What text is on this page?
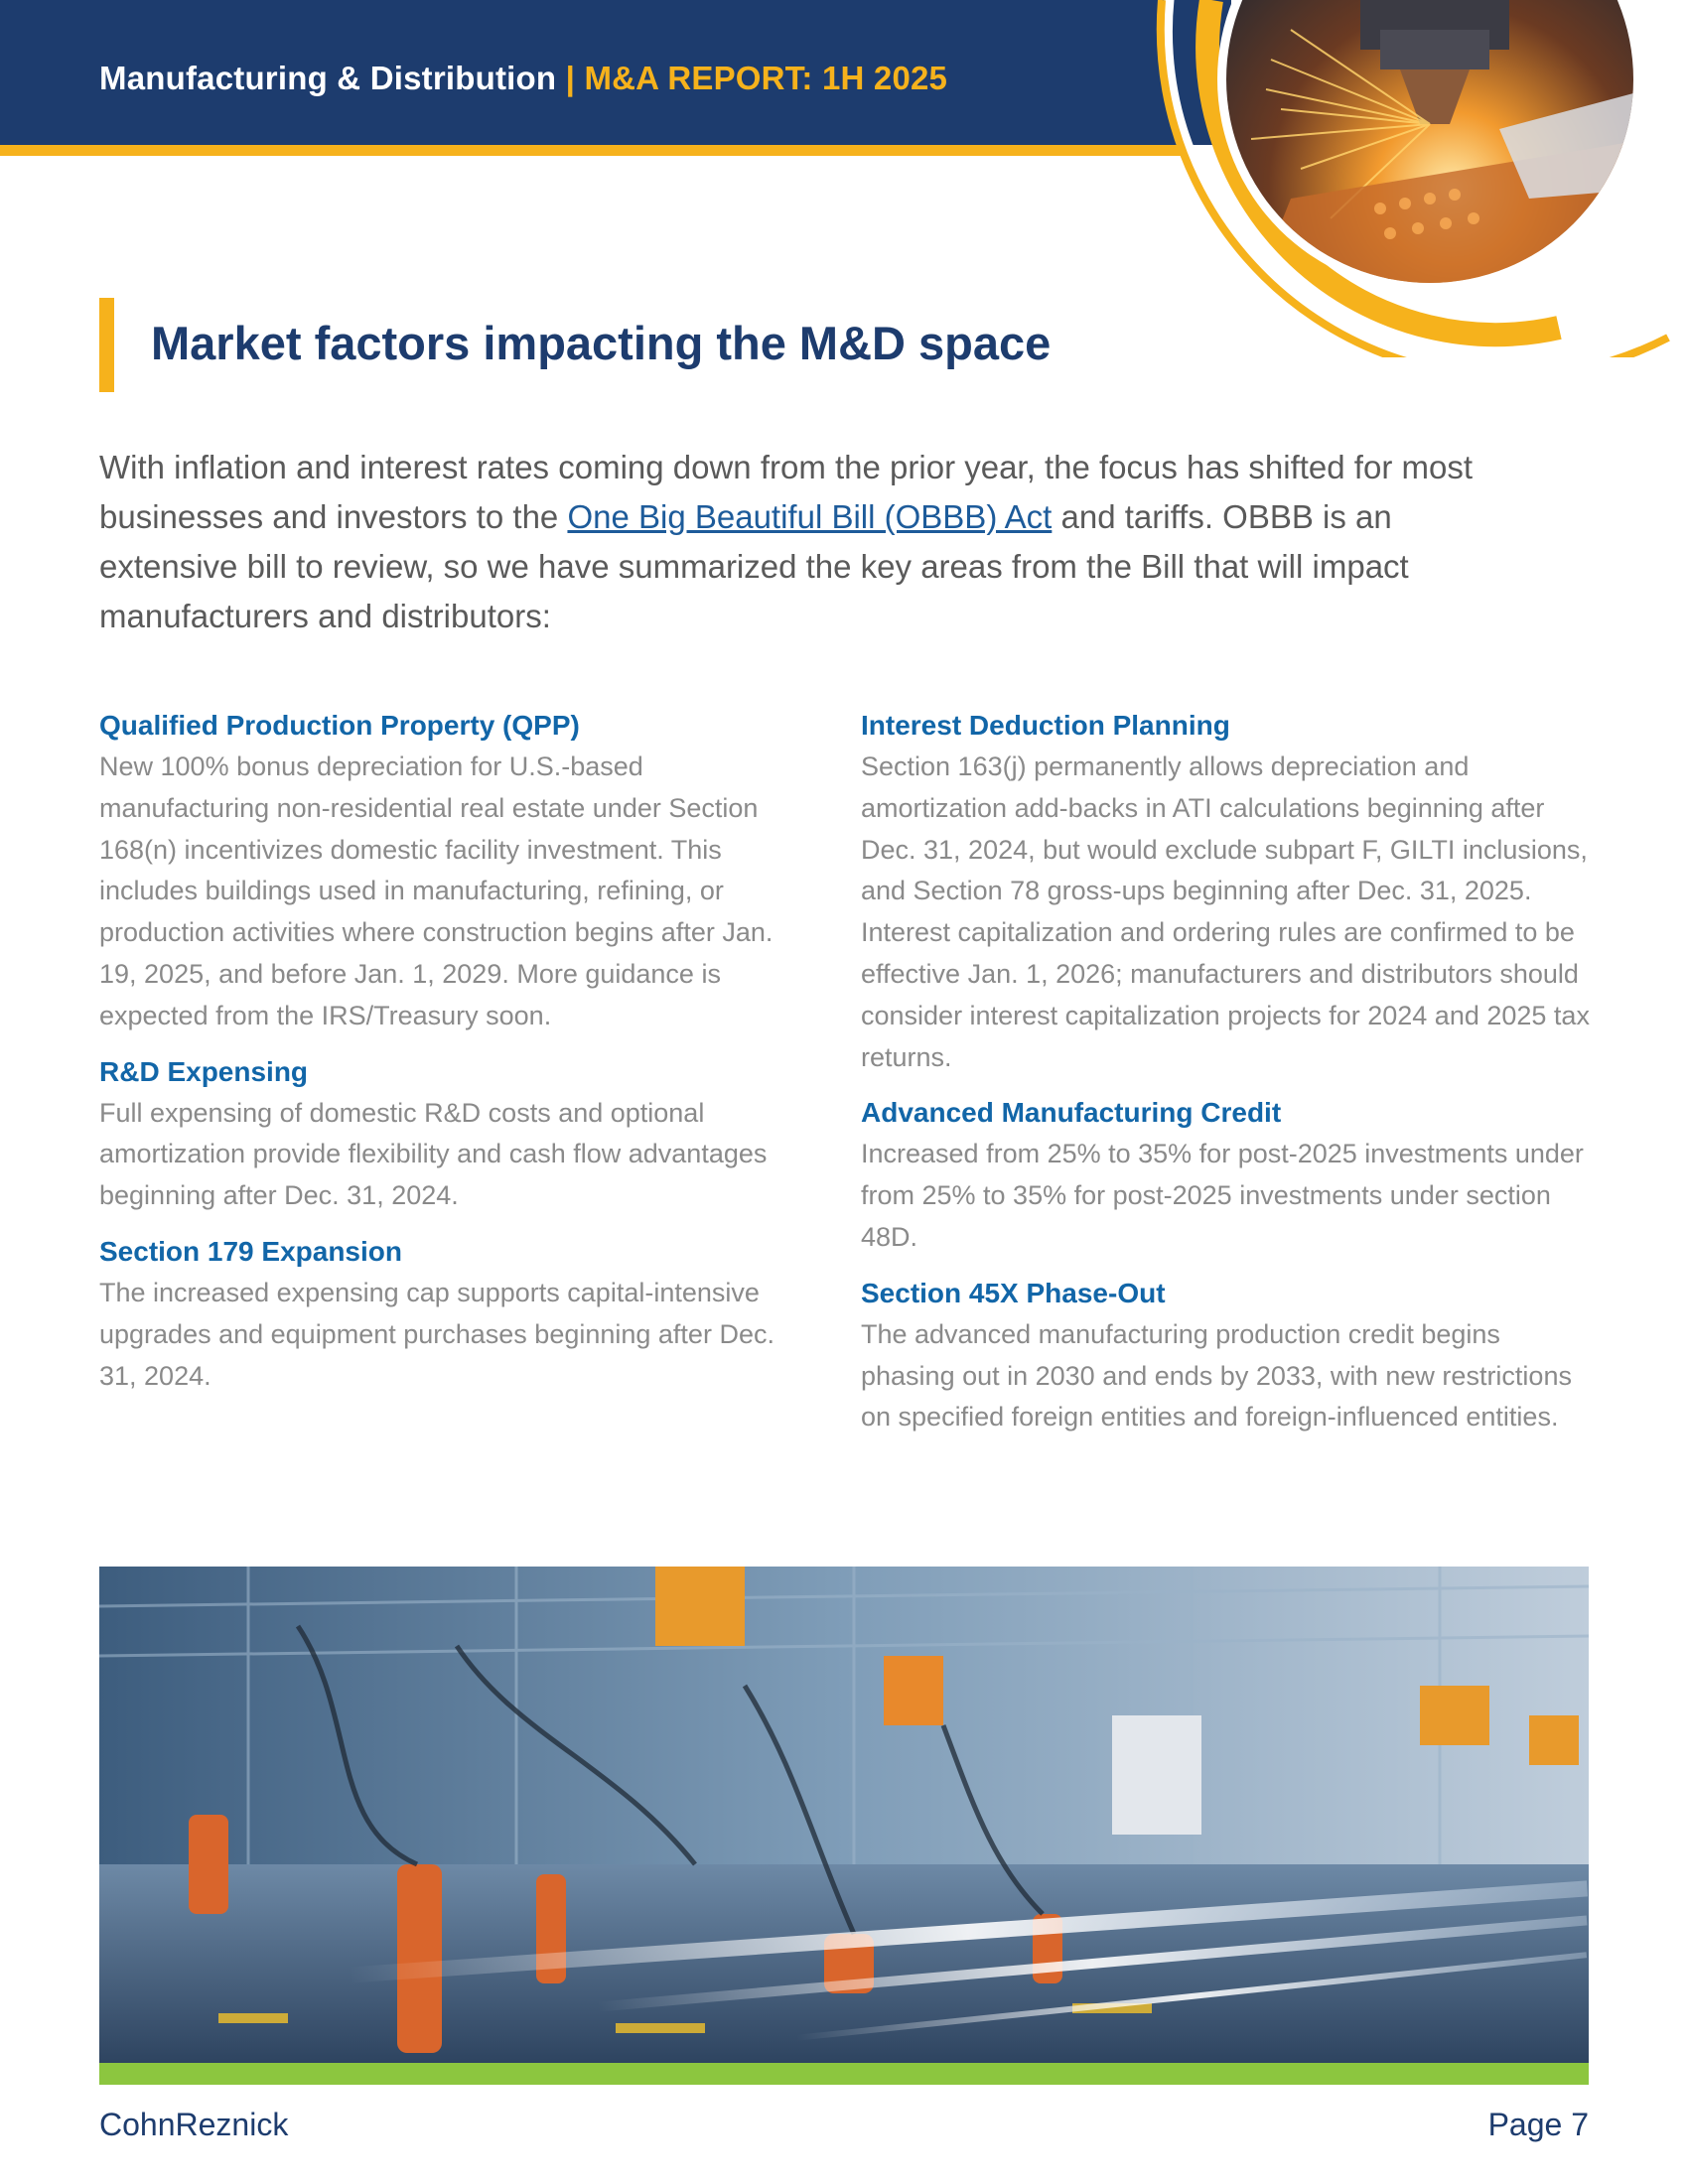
Manufacturing & Distribution | M&A REPORT: 1H 2025
Market factors impacting the M&D space

With inflation and interest rates coming down from the prior year, the focus has shifted for most businesses and investors to the One Big Beautiful Bill (OBBB) Act and tariffs. OBBB is an extensive bill to review, so we have summarized the key areas from the Bill that will impact manufacturers and distributors:

Qualified Production Property (QPP)

New 100% bonus depreciation for U.S.-based manufacturing non-residential real estate under Section 168(n) incentivizes domestic facility investment. This includes buildings used in manufacturing, refining, or production activities where construction begins after Jan. 19, 2025, and before Jan. 1, 2029. More guidance is expected from the IRS/Treasury soon.

R&D Expensing

Full expensing of domestic R&D costs and optional amortization provide flexibility and cash flow advantages beginning after Dec. 31, 2024.

Section 179 Expansion

The increased expensing cap supports capital-intensive upgrades and equipment purchases beginning after Dec. 31, 2024.

Interest Deduction Planning

Section 163(j) permanently allows depreciation and amortization add-backs in ATI calculations beginning after Dec. 31, 2024, but would exclude subpart F, GILTI inclusions, and Section 78 gross-ups beginning after Dec. 31, 2025. Interest capitalization and ordering rules are confirmed to be effective Jan. 1, 2026; manufacturers and distributors should consider interest capitalization projects for 2024 and 2025 tax returns.

Advanced Manufacturing Credit

Increased from 25% to 35% for post-2025 investments under from 25% to 35% for post-2025 investments under section 48D.

Section 45X Phase-Out

The advanced manufacturing production credit begins phasing out in 2030 and ends by 2033, with new restrictions on specified foreign entities and foreign-influenced entities.

CohnReznick	Page 7
